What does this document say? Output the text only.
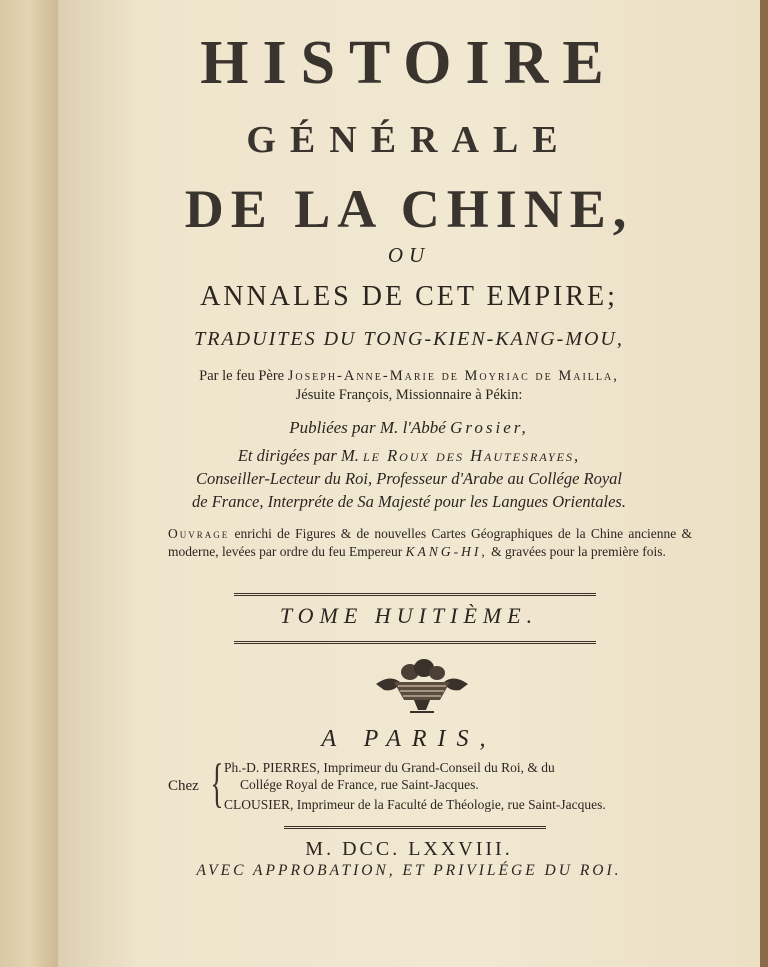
HISTOIRE
GÉNÉRALE
DE LA CHINE,
OU
ANNALES DE CET EMPIRE;
TRADUITES DU TONG-KIEN-KANG-MOU,
Par le feu Père Joseph-Anne-Marie de Moyriac de Mailla,
Jésuite François, Missionnaire à Pékin:
Publiées par M. l'Abbé Grosier,
Et dirigées par M. le Roux des Hautesrayes,
Conseiller-Lecteur du Roi, Professeur d'Arabe au Collége Royal
de France, Interpréte de Sa Majesté pour les Langues Orientales.
Ouvrage enrichi de Figures & de nouvelles Cartes Géographiques de la Chine ancienne & moderne, levées par ordre du feu Empereur KANG-HI, & gravées pour la première fois.
TOME HUITIÈME.
A PARIS,
Chez { Ph.-D. PIERRES, Imprimeur du Grand-Conseil du Roi, & du
Collége Royal de France, rue Saint-Jacques.
CLOUSIER, Imprimeur de la Faculté de Théologie, rue Saint-Jacques.
M. DCC. LXXVIII.
AVEC APPROBATION, ET PRIVILÉGE DU ROI.
